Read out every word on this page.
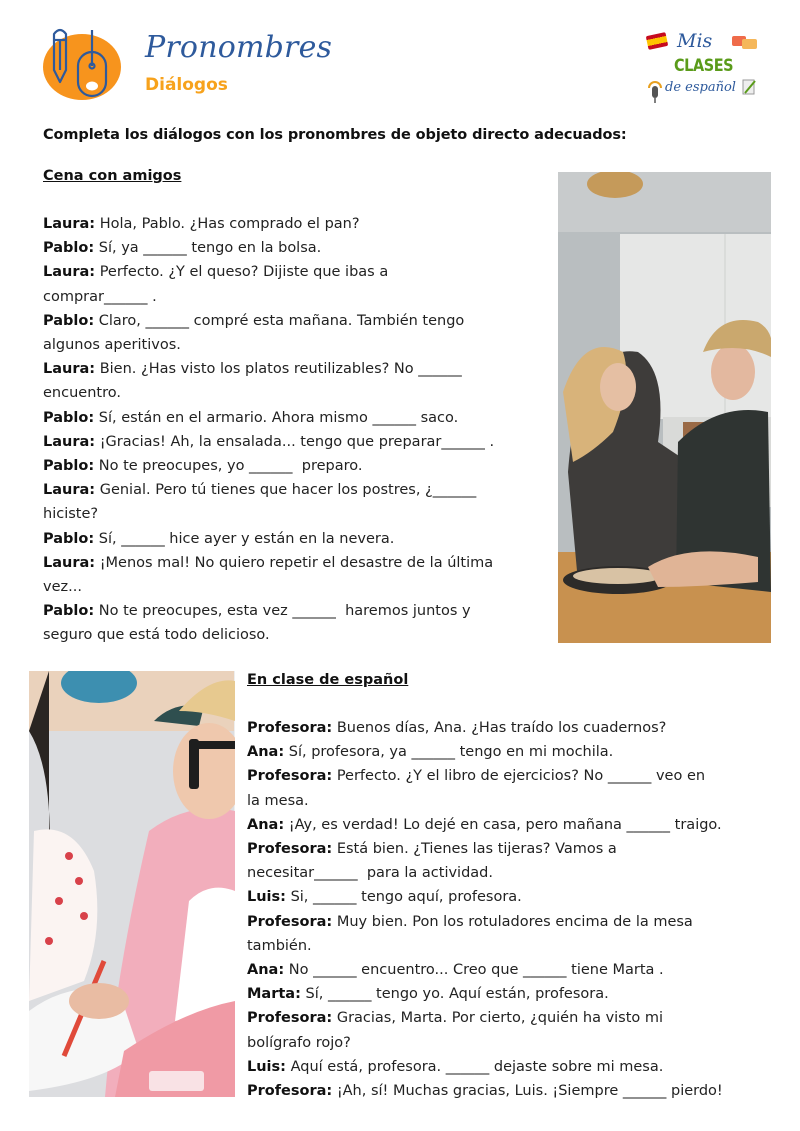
Pronombres
Diálogos
Mis
CLASES
de español
Completa los diálogos con los pronombres de objeto directo adecuados:
Cena con amigos
Laura: Hola, Pablo. ¿Has comprado el pan?
Pablo: Sí, ya ______ tengo en la bolsa.
Laura: Perfecto. ¿Y el queso? Dijiste que ibas a
comprar______ .
Pablo: Claro, ______ compré esta mañana. También tengo
algunos aperitivos.
Laura: Bien. ¿Has visto los platos reutilizables? No ______
encuentro.
Pablo: Sí, están en el armario. Ahora mismo ______ saco.
Laura: ¡Gracias! Ah, la ensalada... tengo que preparar______ .
Pablo: No te preocupes, yo ______  preparo.
Laura: Genial. Pero tú tienes que hacer los postres, ¿______
hiciste?
Pablo: Sí, ______ hice ayer y están en la nevera.
Laura: ¡Menos mal! No quiero repetir el desastre de la última
vez...
Pablo: No te preocupes, esta vez ______  haremos juntos y
seguro que está todo delicioso.
En clase de español
Profesora: Buenos días, Ana. ¿Has traído los cuadernos?
Ana: Sí, profesora, ya ______ tengo en mi mochila.
Profesora: Perfecto. ¿Y el libro de ejercicios? No ______ veo en
la mesa.
Ana: ¡Ay, es verdad! Lo dejé en casa, pero mañana ______ traigo.
Profesora: Está bien. ¿Tienes las tijeras? Vamos a
necesitar______  para la actividad.
Luis: Si, ______ tengo aquí, profesora.
Profesora: Muy bien. Pon los rotuladores encima de la mesa
también.
Ana: No ______ encuentro... Creo que ______ tiene Marta .
Marta: Sí, ______ tengo yo. Aquí están, profesora.
Profesora: Gracias, Marta. Por cierto, ¿quién ha visto mi
bolígrafo rojo?
Luis: Aquí está, profesora. ______ dejaste sobre mi mesa.
Profesora: ¡Ah, sí! Muchas gracias, Luis. ¡Siempre ______ pierdo!
